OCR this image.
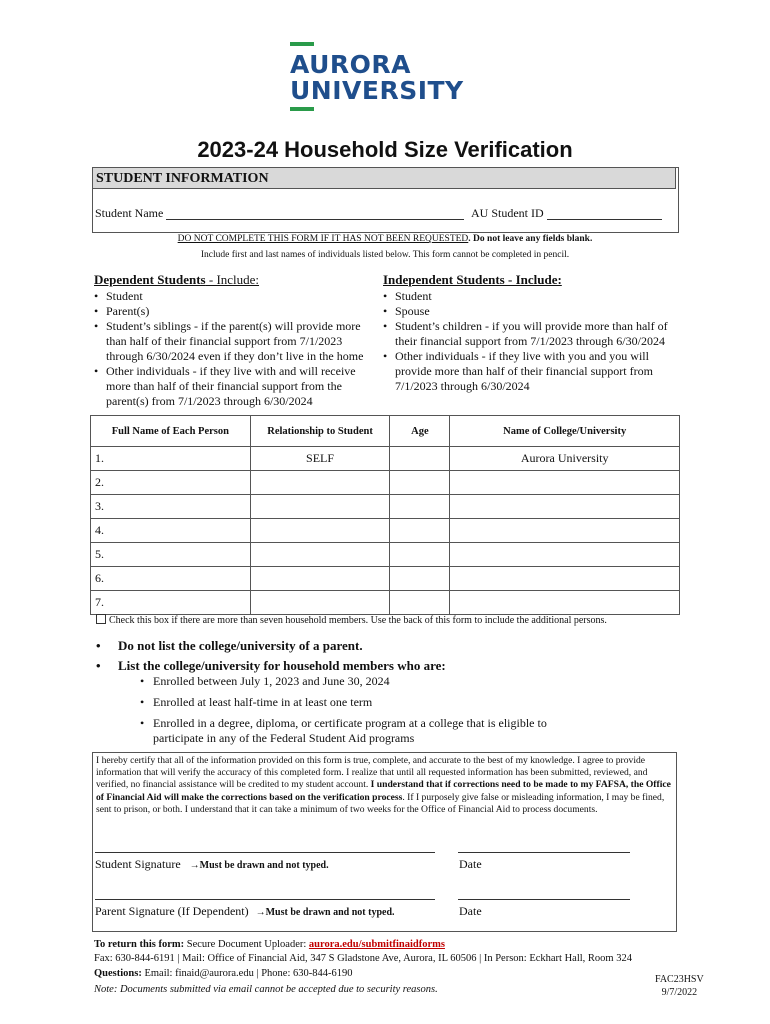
AURORA
UNIVERSITY
2023-24 Household Size Verification
STUDENT INFORMATION
Student Name	AU Student ID
DO NOT COMPLETE THIS FORM IF IT HAS NOT BEEN REQUESTED. Do not leave any fields blank.
Include first and last names of individuals listed below. This form cannot be completed in pencil.
Dependent Students - Include:
• Student
• Parent(s)
• Student’s siblings - if the parent(s) will provide more than half of their financial support from 7/1/2023 through 6/30/2024 even if they don’t live in the home
• Other individuals - if they live with and will receive more than half of their financial support from the parent(s) from 7/1/2023 through 6/30/2024
Independent Students - Include:
• Student
• Spouse
• Student’s children - if you will provide more than half of their financial support from 7/1/2023 through 6/30/2024
• Other individuals - if they live with you and you will provide more than half of their financial support from 7/1/2023 through 6/30/2024
Full Name of Each Person	Relationship to Student	Age	Name of College/University
1.	SELF		Aurora University
2.			
3.			
4.			
5.			
6.			
7.			
Check this box if there are more than seven household members. Use the back of this form to include the additional persons.
• Do not list the college/university of a parent.
• List the college/university for household members who are:
• Enrolled between July 1, 2023 and June 30, 2024
• Enrolled at least half-time in at least one term
• Enrolled in a degree, diploma, or certificate program at a college that is eligible to participate in any of the Federal Student Aid programs
I hereby certify that all of the information provided on this form is true, complete, and accurate to the best of my knowledge. I agree to provide information that will verify the accuracy of this completed form. I realize that until all requested information has been submitted, reviewed, and verified, no financial assistance will be credited to my student account. I understand that if corrections need to be made to my FAFSA, the Office of Financial Aid will make the corrections based on the verification process. If I purposely give false or misleading information, I may be fined, sent to prison, or both. I understand that it can take a minimum of two weeks for the Office of Financial Aid to process documents.
Student Signature →Must be drawn and not typed.	Date
Parent Signature (If Dependent) →Must be drawn and not typed.	Date
To return this form: Secure Document Uploader: aurora.edu/submitfinaidforms
Fax: 630-844-6191 | Mail: Office of Financial Aid, 347 S Gladstone Ave, Aurora, IL 60506 | In Person: Eckhart Hall, Room 324
Questions: Email: finaid@aurora.edu | Phone: 630-844-6190
Note: Documents submitted via email cannot be accepted due to security reasons.
FAC23HSV
9/7/2022
